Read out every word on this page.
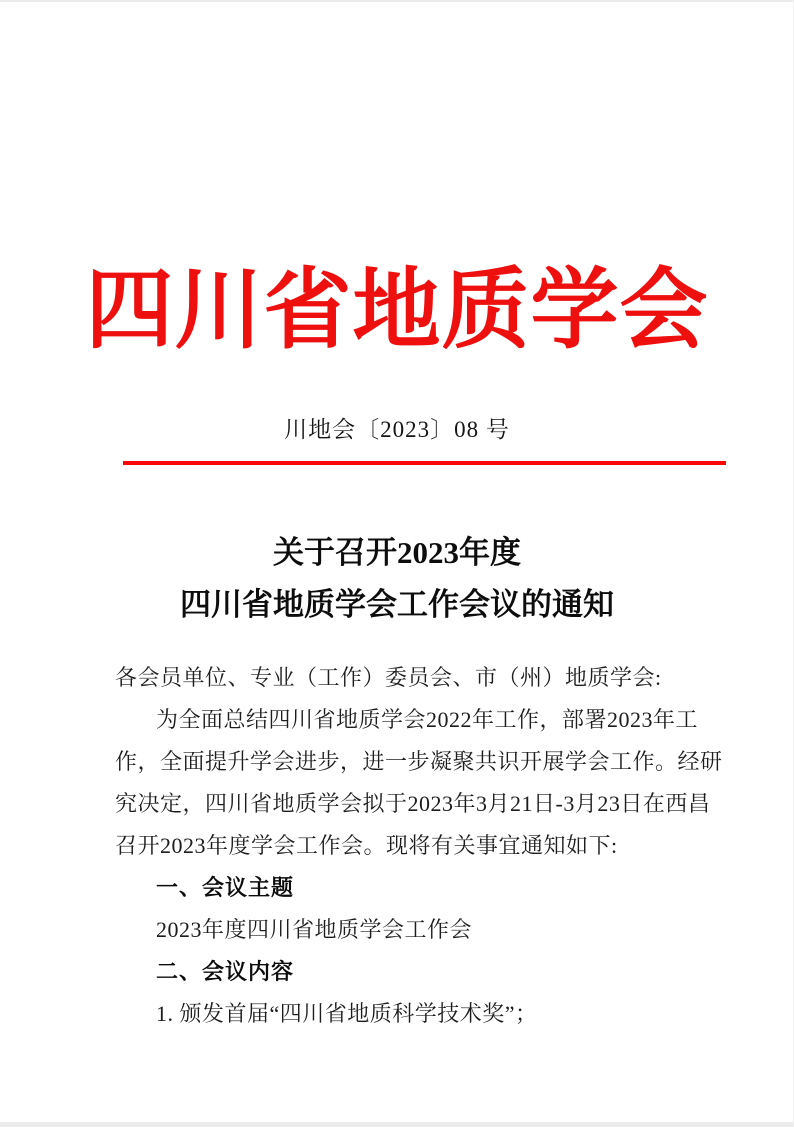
四川省地质学会
川地会〔2023〕08 号
关于召开2023年度
四川省地质学会工作会议的通知
各会员单位、专业（工作）委员会、市（州）地质学会:
为全面总结四川省地质学会2022年工作，部署2023年工
作，全面提升学会进步，进一步凝聚共识开展学会工作。经研
究决定，四川省地质学会拟于2023年3月21日-3月23日在西昌
召开2023年度学会工作会。现将有关事宜通知如下:
一、会议主题
2023年度四川省地质学会工作会
二、会议内容
1. 颁发首届“四川省地质科学技术奖”；
